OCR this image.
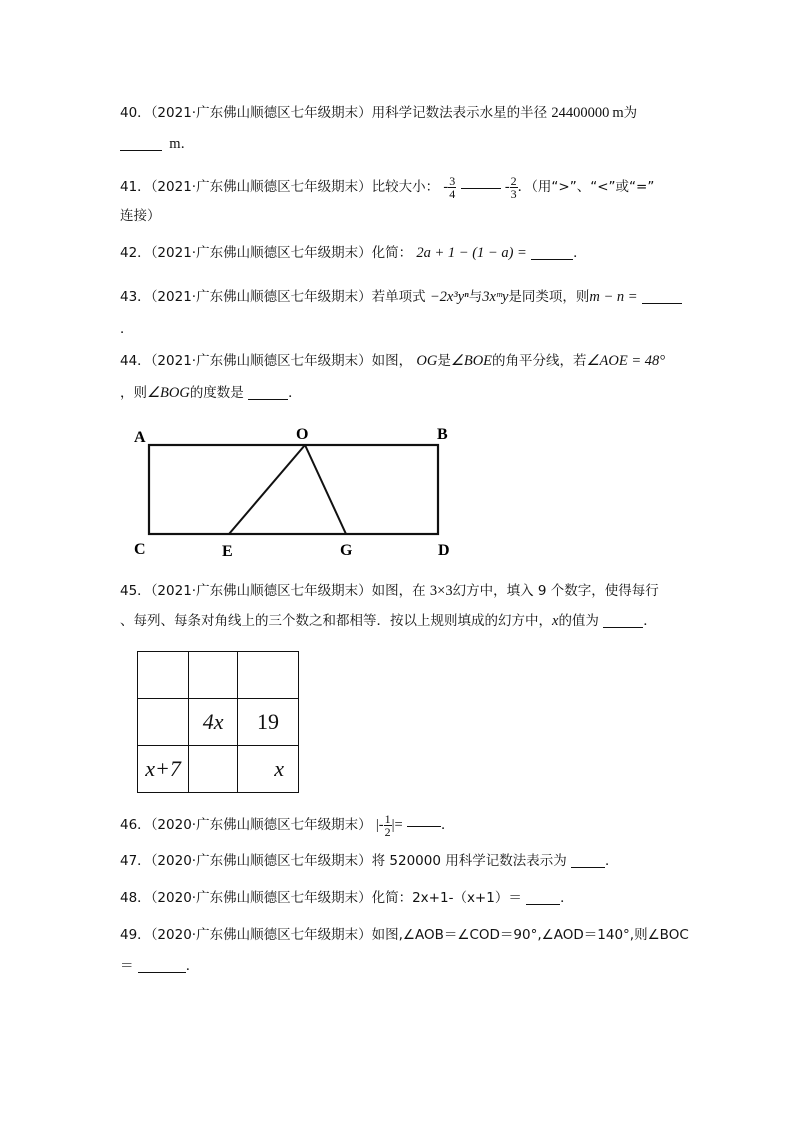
40．（2021·广东佛山顺德区七年级期末）用科学记数法表示水星的半径 24400000 m为
m．
41．（2021·广东佛山顺德区七年级期末）比较大小： - $\frac{3}{4}$	- $\frac{2}{3}$ ．（用“>”、“<”或“=”
连接）
42．（2021·广东佛山顺德区七年级期末）化简： 2a + 1 − (1 − a) =	．
43．（2021·广东佛山顺德区七年级期末）若单项式 −2x³yⁿ与3xᵐy是同类项，则m − n =
．
44．（2021·广东佛山顺德区七年级期末）如图， OG是∠BOE的角平分线，若∠AOE = 48°
，则∠BOG的度数是	．
A	O	B
C	E	G	D
45．（2021·广东佛山顺德区七年级期末）如图，在 3×3幻方中，填入 9 个数字，使得每行
、每列、每条对角线上的三个数之和都相等．按以上规则填成的幻方中，x的值为	．

	4x	19
x+7		x
46．（2020·广东佛山顺德区七年级期末） |- $\frac{1}{2}$ |=	．
47．（2020·广东佛山顺德区七年级期末）将 520000 用科学记数法表示为	．
48．（2020·广东佛山顺德区七年级期末）化简：2x+1-（x+1）＝	．
49．（2020·广东佛山顺德区七年级期末）如图,∠AOB＝∠COD＝90°,∠AOD＝140°,则∠BOC
＝	．
